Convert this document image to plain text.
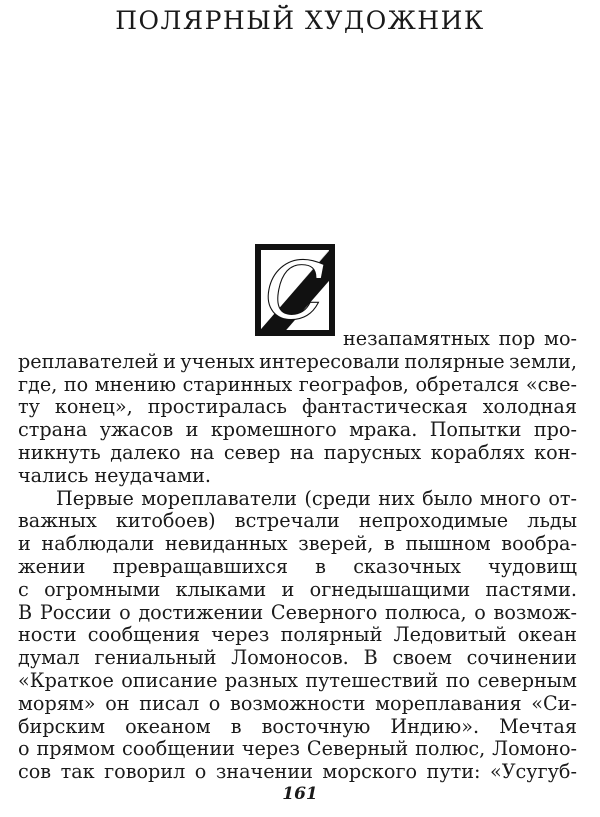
ПОЛЯРНЫЙ ХУДОЖНИК
С
незапамятных пор мо-
реплавателей и ученых интересовали полярные земли,
где, по мнению старинных географов, обретался «све-
ту конец», простиралась фантастическая холодная
страна ужасов и кромешного мрака. Попытки про-
никнуть далеко на север на парусных кораблях кон-
чались неудачами.
Первые мореплаватели (среди них было много от-
важных китобоев) встречали непроходимые льды
и наблюдали невиданных зверей, в пышном вообра-
жении превращавшихся в сказочных чудовищ
с огромными клыками и огнедышащими пастями.
В России о достижении Северного полюса, о возмож-
ности сообщения через полярный Ледовитый океан
думал гениальный Ломоносов. В своем сочинении
«Краткое описание разных путешествий по северным
морям» он писал о возможности мореплавания «Си-
бирским океаном в восточную Индию». Мечтая
о прямом сообщении через Северный полюс, Ломоно-
161
сов так говорил о значении морского пути: «Усугуб-
